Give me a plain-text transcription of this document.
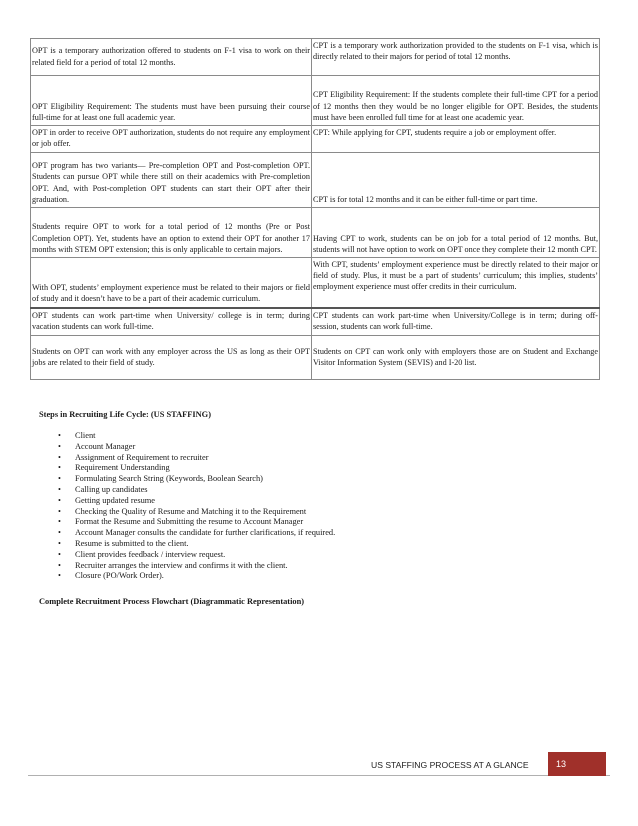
OPT is a temporary authorization offered to students on F-1 visa to work on their related field for a period of total 12 months.	CPT is a temporary work authorization provided to the students on F-1 visa, which is directly related to their majors for period of total 12 months.
OPT Eligibility Requirement: The students must have been pursuing their course full-time for at least one full academic year.	CPT Eligibility Requirement: If the students complete their full-time CPT for a period of 12 months then they would be no longer eligible for OPT. Besides, the students must have been enrolled full time for at least one academic year.
OPT in order to receive OPT authorization, students do not require any employment or job offer.	CPT: While applying for CPT, students require a job or employment offer.
OPT program has two variants— Pre-completion OPT and Post-completion OPT. Students can pursue OPT while there still on their academics with Pre-completion OPT. And, with Post-completion OPT students can start their OPT after their graduation.	CPT is for total 12 months and it can be either full-time or part time.
Students require OPT to work for a total period of 12 months (Pre or Post Completion OPT). Yet, students have an option to extend their OPT for another 17 months with STEM OPT extension; this is only applicable to certain majors.	Having CPT to work, students can be on job for a total period of 12 months. But, students will not have option to work on OPT once they complete their 12 month CPT.
With OPT, students’ employment experience must be related to their majors or field of study and it doesn’t have to be a part of their academic curriculum.	With CPT, students’ employment experience must be directly related to their major or field of study. Plus, it must be a part of students’ curriculum; this implies, students’ employment experience must offer credits in their curriculum.
OPT students can work part-time when University/ college is in term; during vacation students can work full-time.	CPT students can work part-time when University/College is in term; during off-session, students can work full-time.
Students on OPT can work with any employer across the US as long as their OPT jobs are related to their field of study.	Students on CPT can work only with employers those are on Student and Exchange Visitor Information System (SEVIS) and I-20 list.
Steps in Recruiting Life Cycle: (US STAFFING)
• Client
• Account Manager
• Assignment of Requirement to recruiter
• Requirement Understanding
• Formulating Search String (Keywords, Boolean Search)
• Calling up candidates
• Getting updated resume
• Checking the Quality of Resume and Matching it to the Requirement
• Format the Resume and Submitting the resume to Account Manager
• Account Manager consults the candidate for further clarifications, if required.
• Resume is submitted to the client.
• Client provides feedback / interview request.
• Recruiter arranges the interview and confirms it with the client.
• Closure (PO/Work Order).
Complete Recruitment Process Flowchart (Diagrammatic Representation)
US STAFFING PROCESS AT A GLANCE	13
